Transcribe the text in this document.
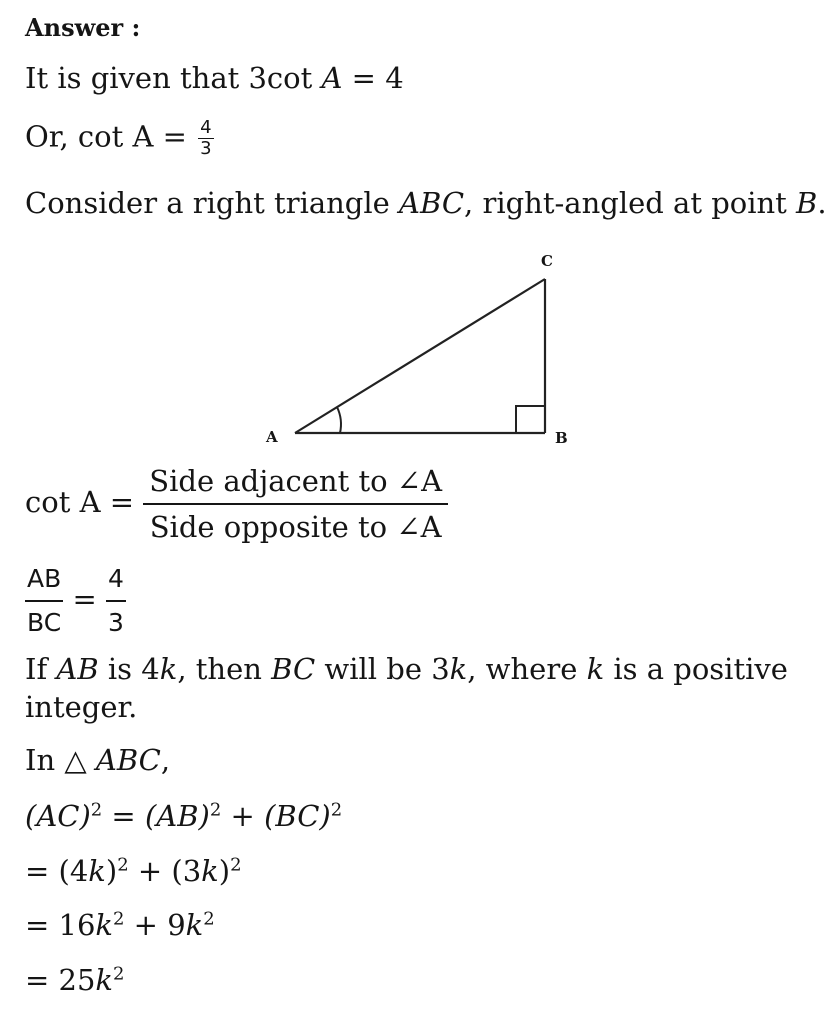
Answer :
It is given that 3cot A = 4
Or, $\cot A = \frac{4}{3}$
Consider a right triangle ABC, right-angled at point B.
A	B
C
$\cot A = \frac{\text{Side adjacent to ∠A}}{\text{Side opposite to ∠A}}$
$\frac{AB}{BC} = \frac{4}{3}$
If AB is 4k, then BC will be 3k, where k is a positive
integer.
In △ ABC,
(AC)$^2$ = (AB)$^2$ + (BC)$^2$
= $(4k)^2 + (3k)^2$
= $16k^2 + 9k^2$
= $25k^2$
